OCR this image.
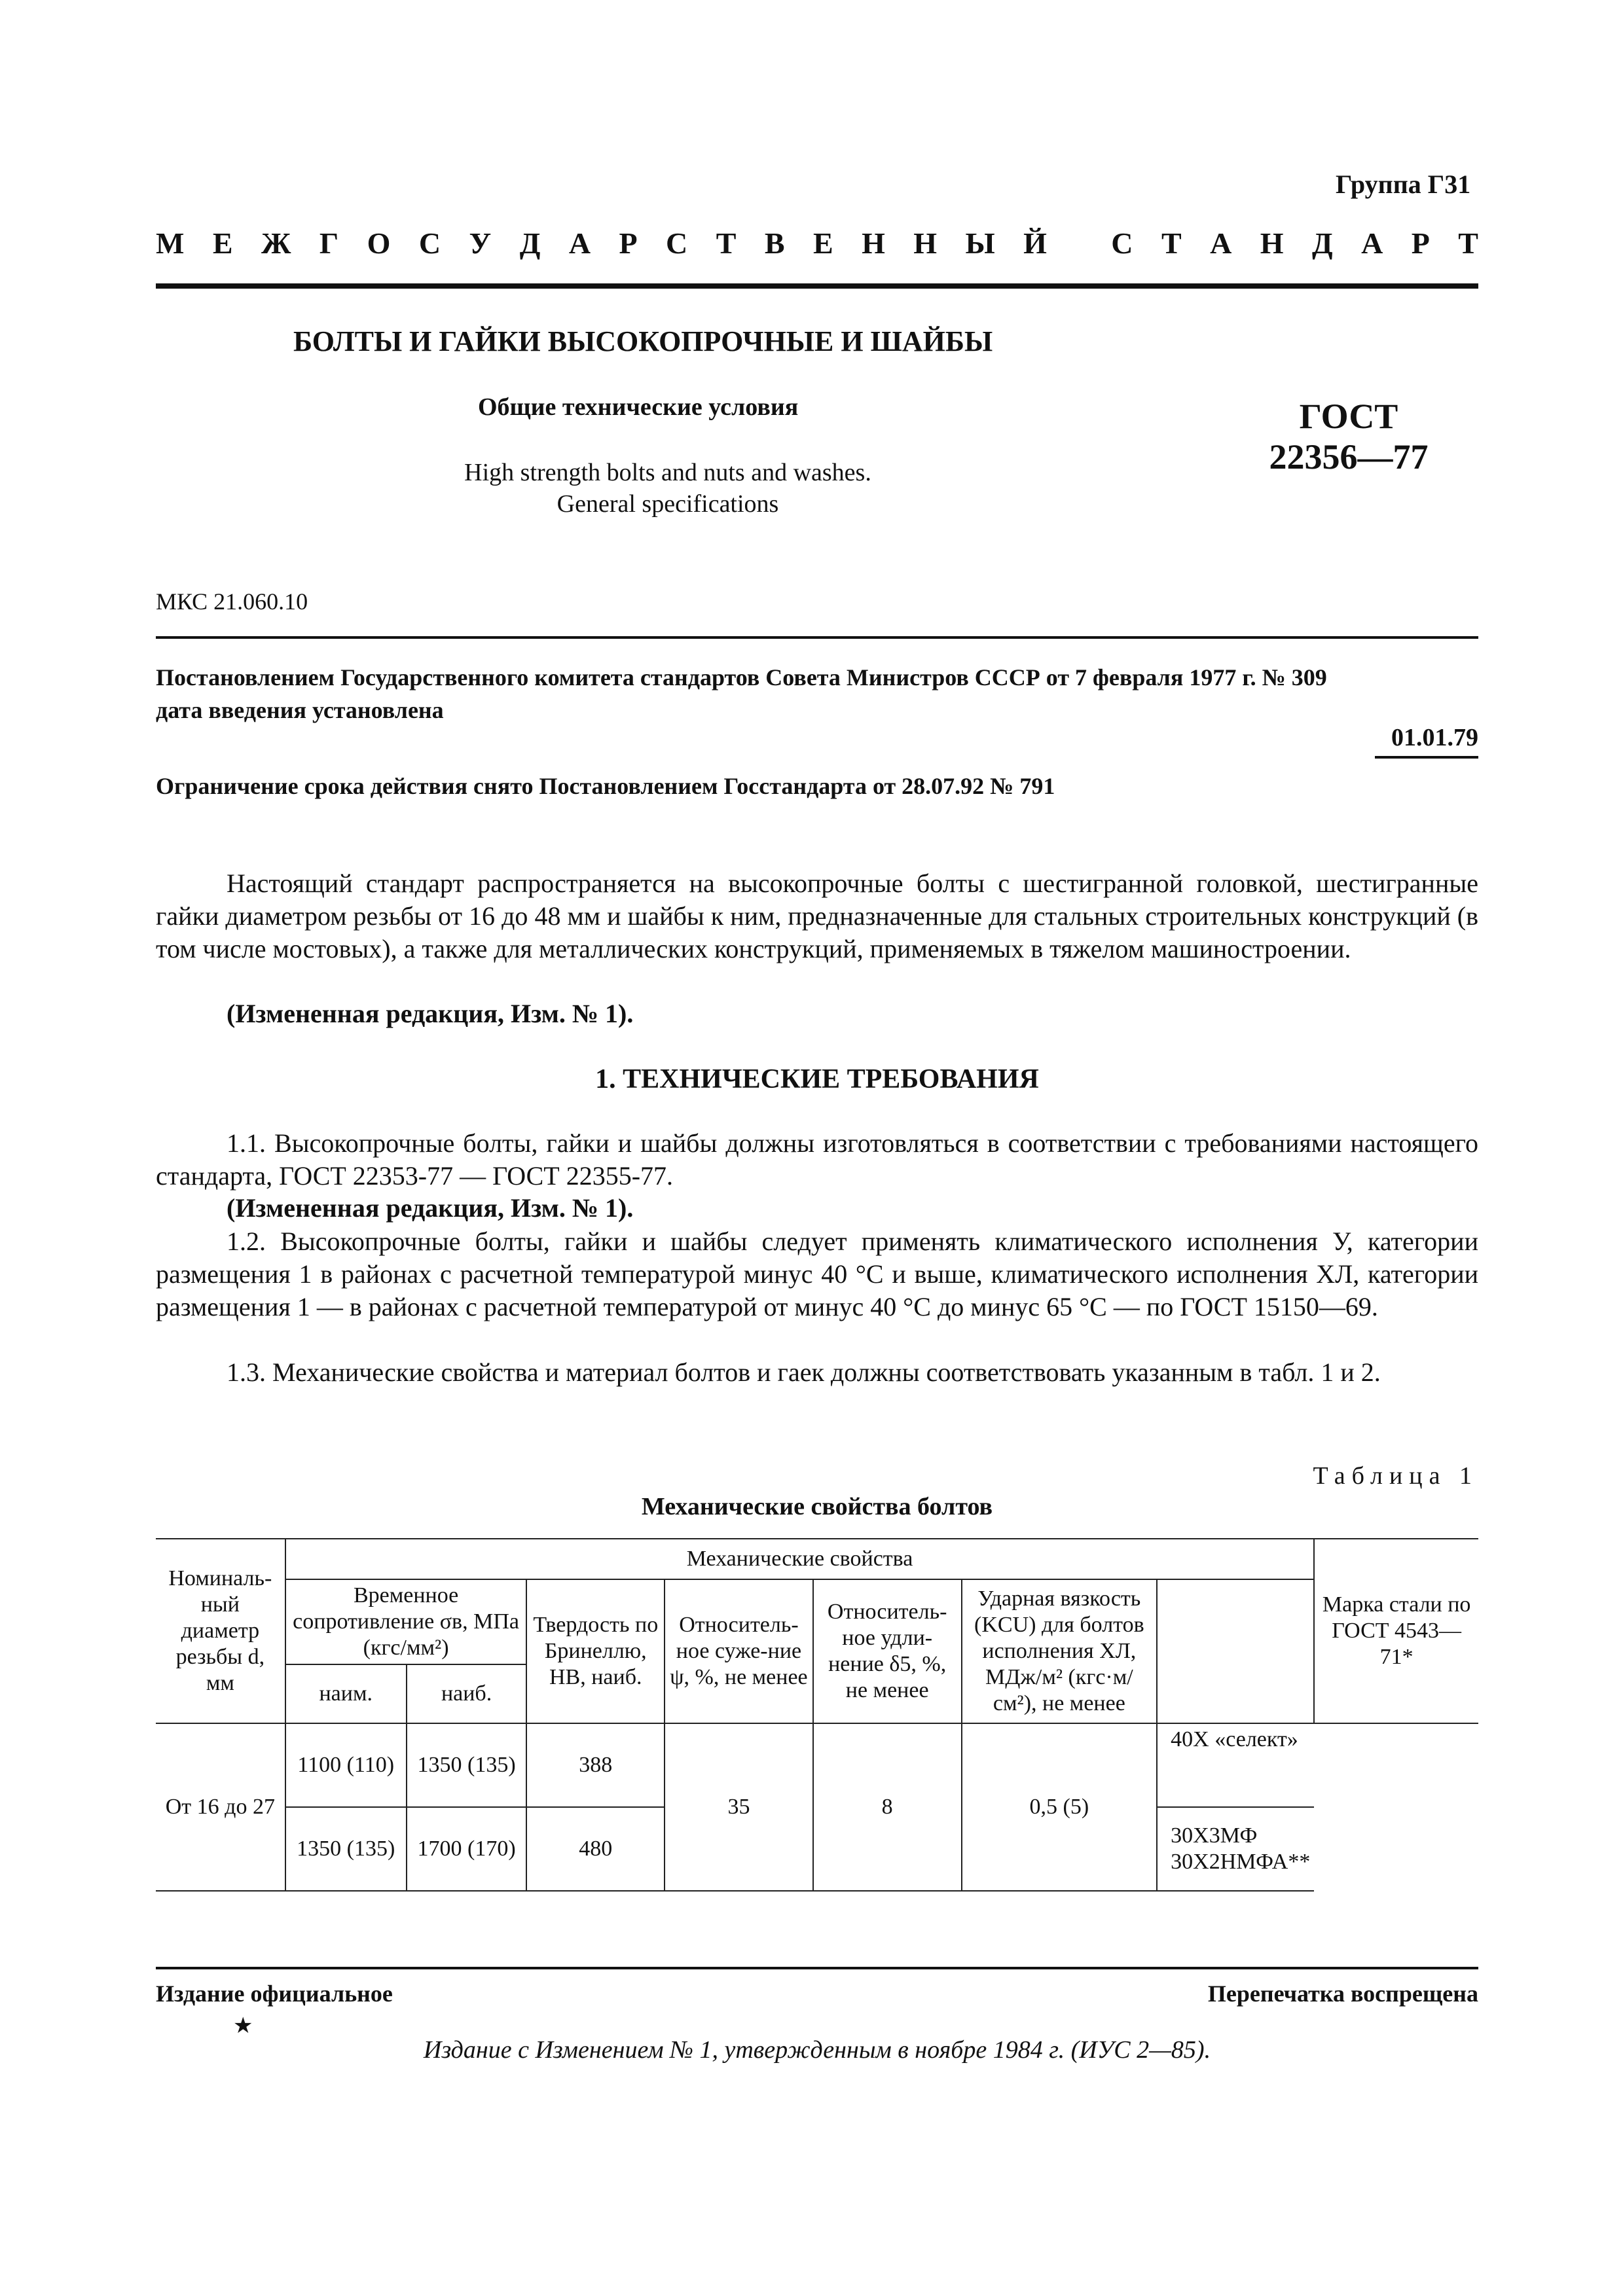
Группа Г31
М Е Ж Г О С У Д А Р С Т В Е Н Н Ы Й
С Т А Н Д А Р Т
БОЛТЫ И ГАЙКИ ВЫСОКОПРОЧНЫЕ И ШАЙБЫ
Общие технические условия
High strength bolts and nuts and washes.
General specifications
ГОСТ
22356—77
МКС 21.060.10
Постановлением Государственного комитета стандартов Совета Министров СССР от 7 февраля 1977 г. № 309
дата введения установлена
01.01.79
Ограничение срока действия снято Постановлением Госстандарта от 28.07.92 № 791
Настоящий стандарт распространяется на высокопрочные болты с шестигранной головкой, шестигранные гайки диаметром резьбы от 16 до 48 мм и шайбы к ним, предназначенные для стальных строительных конструкций (в том числе мостовых), а также для металлических конструкций, применяемых в тяжелом машиностроении.
(Измененная редакция, Изм. № 1).
1. ТЕХНИЧЕСКИЕ ТРЕБОВАНИЯ
1.1. Высокопрочные болты, гайки и шайбы должны изготовляться в соответствии с требованиями настоящего стандарта, ГОСТ 22353-77 — ГОСТ 22355-77.
(Измененная редакция, Изм. № 1).
1.2. Высокопрочные болты, гайки и шайбы следует применять климатического исполнения У, категории размещения 1 в районах с расчетной температурой минус 40 °С и выше, климатического исполнения ХЛ, категории размещения 1 — в районах с расчетной температурой от минус 40 °С до минус 65 °С — по ГОСТ 15150—69.
1.3. Механические свойства и материал болтов и гаек должны соответствовать указанным в табл. 1 и 2.
Таблица 1
Механические свойства болтов
Номиналь-ный диаметр резьбы d, мм	Механические свойства							Марка стали по ГОСТ 4543—71*
	Временное сопротивление σв, МПа (кгс/мм²)		Твердость по Бринеллю, НВ, наиб.	Относитель-ное суже-ние ψ, %, не менее	Относитель-ное удли-нение δ5, %, не менее	Ударная вязкость (KCU) для болтов исполнения ХЛ, МДж/м² (кгс·м/см²), не менее		
	наим.	наиб.						
От 16 до 27	1100 (110)	1350 (135)	388	35	8	0,5 (5)	40Х «селект»	
	1350 (135)	1700 (170)	480				30Х3МФ 30Х2НМФА**	
Издание официальное	Перепечатка воспрещена
★
Издание с Изменением № 1, утвержденным в ноябре 1984 г. (ИУС 2—85).
